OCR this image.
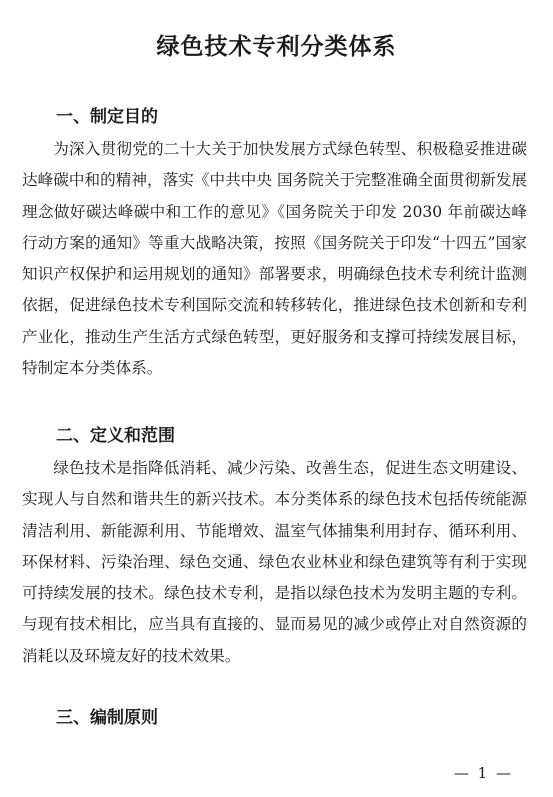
绿色技术专利分类体系
一、制定目的

为深入贯彻党的二十大关于加快发展方式绿色转型、积极稳妥推进碳达峰碳中和的精神，落实《中共中央 国务院关于完整准确全面贯彻新发展理念做好碳达峰碳中和工作的意见》《国务院关于印发 2030 年前碳达峰行动方案的通知》等重大战略决策，按照《国务院关于印发“十四五”国家知识产权保护和运用规划的通知》部署要求，明确绿色技术专利统计监测依据，促进绿色技术专利国际交流和转移转化，推进绿色技术创新和专利产业化，推动生产生活方式绿色转型，更好服务和支撑可持续发展目标，特制定本分类体系。

二、定义和范围

绿色技术是指降低消耗、减少污染、改善生态，促进生态文明建设、实现人与自然和谐共生的新兴技术。本分类体系的绿色技术包括传统能源清洁利用、新能源利用、节能增效、温室气体捕集利用封存、循环利用、环保材料、污染治理、绿色交通、绿色农业林业和绿色建筑等有利于实现可持续发展的技术。绿色技术专利，是指以绿色技术为发明主题的专利。与现有技术相比，应当具有直接的、显而易见的减少或停止对自然资源的消耗以及环境友好的技术效果。

三、编制原则
— 1 —
